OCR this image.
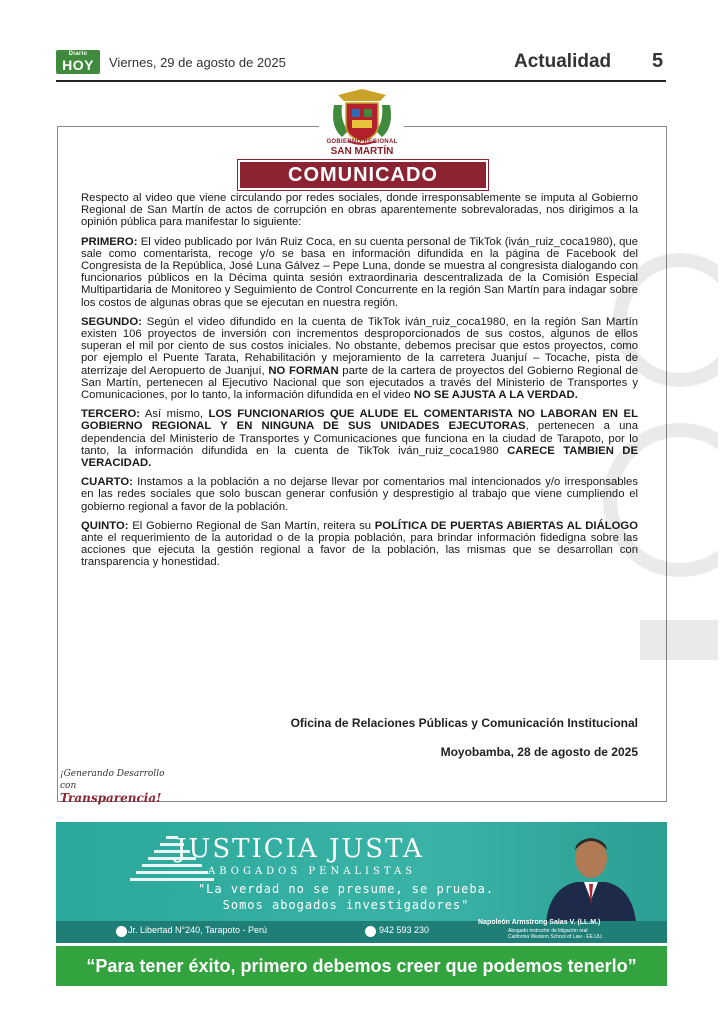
Diario
HOY	Viernes, 29 de agosto de 2025	Actualidad 5
GOBIERNO REGIONAL
SAN MARTÍN
COMUNICADO

Respecto al video que viene circulando por redes sociales, donde irresponsablemente se imputa al Gobierno Regional de San Martín de actos de corrupción en obras aparentemente sobrevaloradas, nos dirigimos a la opinión pública para manifestar lo siguiente:

PRIMERO: El video publicado por Iván Ruiz Coca, en su cuenta personal de TikTok (iván_ruiz_coca1980), que sale como comentarista, recoge y/o se basa en información difundida en la página de Facebook del Congresista de la República, José Luna Gálvez – Pepe Luna, donde se muestra al congresista dialogando con funcionarios públicos en la Décima quinta sesión extraordinaria descentralizada de la Comisión Especial Multipartidaria de Monitoreo y Seguimiento de Control Concurrente en la región San Martín para indagar sobre los costos de algunas obras que se ejecutan en nuestra región.

SEGUNDO: Según el video difundido en la cuenta de TikTok iván_ruiz_coca1980, en la región San Martín existen 106 proyectos de inversión con incrementos desproporcionados de sus costos, algunos de ellos superan el mil por ciento de sus costos iniciales. No obstante, debemos precisar que estos proyectos, como por ejemplo el Puente Tarata, Rehabilitación y mejoramiento de la carretera Juanjuí – Tocache, pista de aterrizaje del Aeropuerto de Juanjuí, NO FORMAN parte de la cartera de proyectos del Gobierno Regional de San Martín, pertenecen al Ejecutivo Nacional que son ejecutados a través del Ministerio de Transportes y Comunicaciones, por lo tanto, la información difundida en el video NO SE AJUSTA A LA VERDAD.

TERCERO: Así mismo, LOS FUNCIONARIOS QUE ALUDE EL COMENTARISTA NO LABORAN EN EL GOBIERNO REGIONAL Y EN NINGUNA DE SUS UNIDADES EJECUTORAS, pertenecen a una dependencia del Ministerio de Transportes y Comunicaciones que funciona en la ciudad de Tarapoto, por lo tanto, la información difundida en la cuenta de TikTok iván_ruiz_coca1980 CARECE TAMBIEN DE VERACIDAD.

CUARTO: Instamos a la población a no dejarse llevar por comentarios mal intencionados y/o irresponsables en las redes sociales que solo buscan generar confusión y desprestigio al trabajo que viene cumpliendo el gobierno regional a favor de la población.

QUINTO: El Gobierno Regional de San Martín, reitera su POLÍTICA DE PUERTAS ABIERTAS AL DIÁLOGO ante el requerimiento de la autoridad o de la propia población, para brindar información fidedigna sobre las acciones que ejecuta la gestión regional a favor de la población, las mismas que se desarrollan con transparencia y honestidad.

Oficina de Relaciones Públicas y Comunicación Institucional
Moyobamba, 28 de agosto de 2025
¡Generando Desarrollo
con Transparencia!
JUSTICIA JUSTA
ABOGADOS PENALISTAS
"La verdad no se presume, se prueba.
Somos abogados investigadores"
Jr. Libertad N°240, Tarapoto - Perú	942 593 230
Napoleón Armstrong Salas V. (LL.M.)
Abogado instructor de litigación oral
California Western School of Law - EE.UU.
“Para tener éxito, primero debemos creer que podemos tenerlo”
